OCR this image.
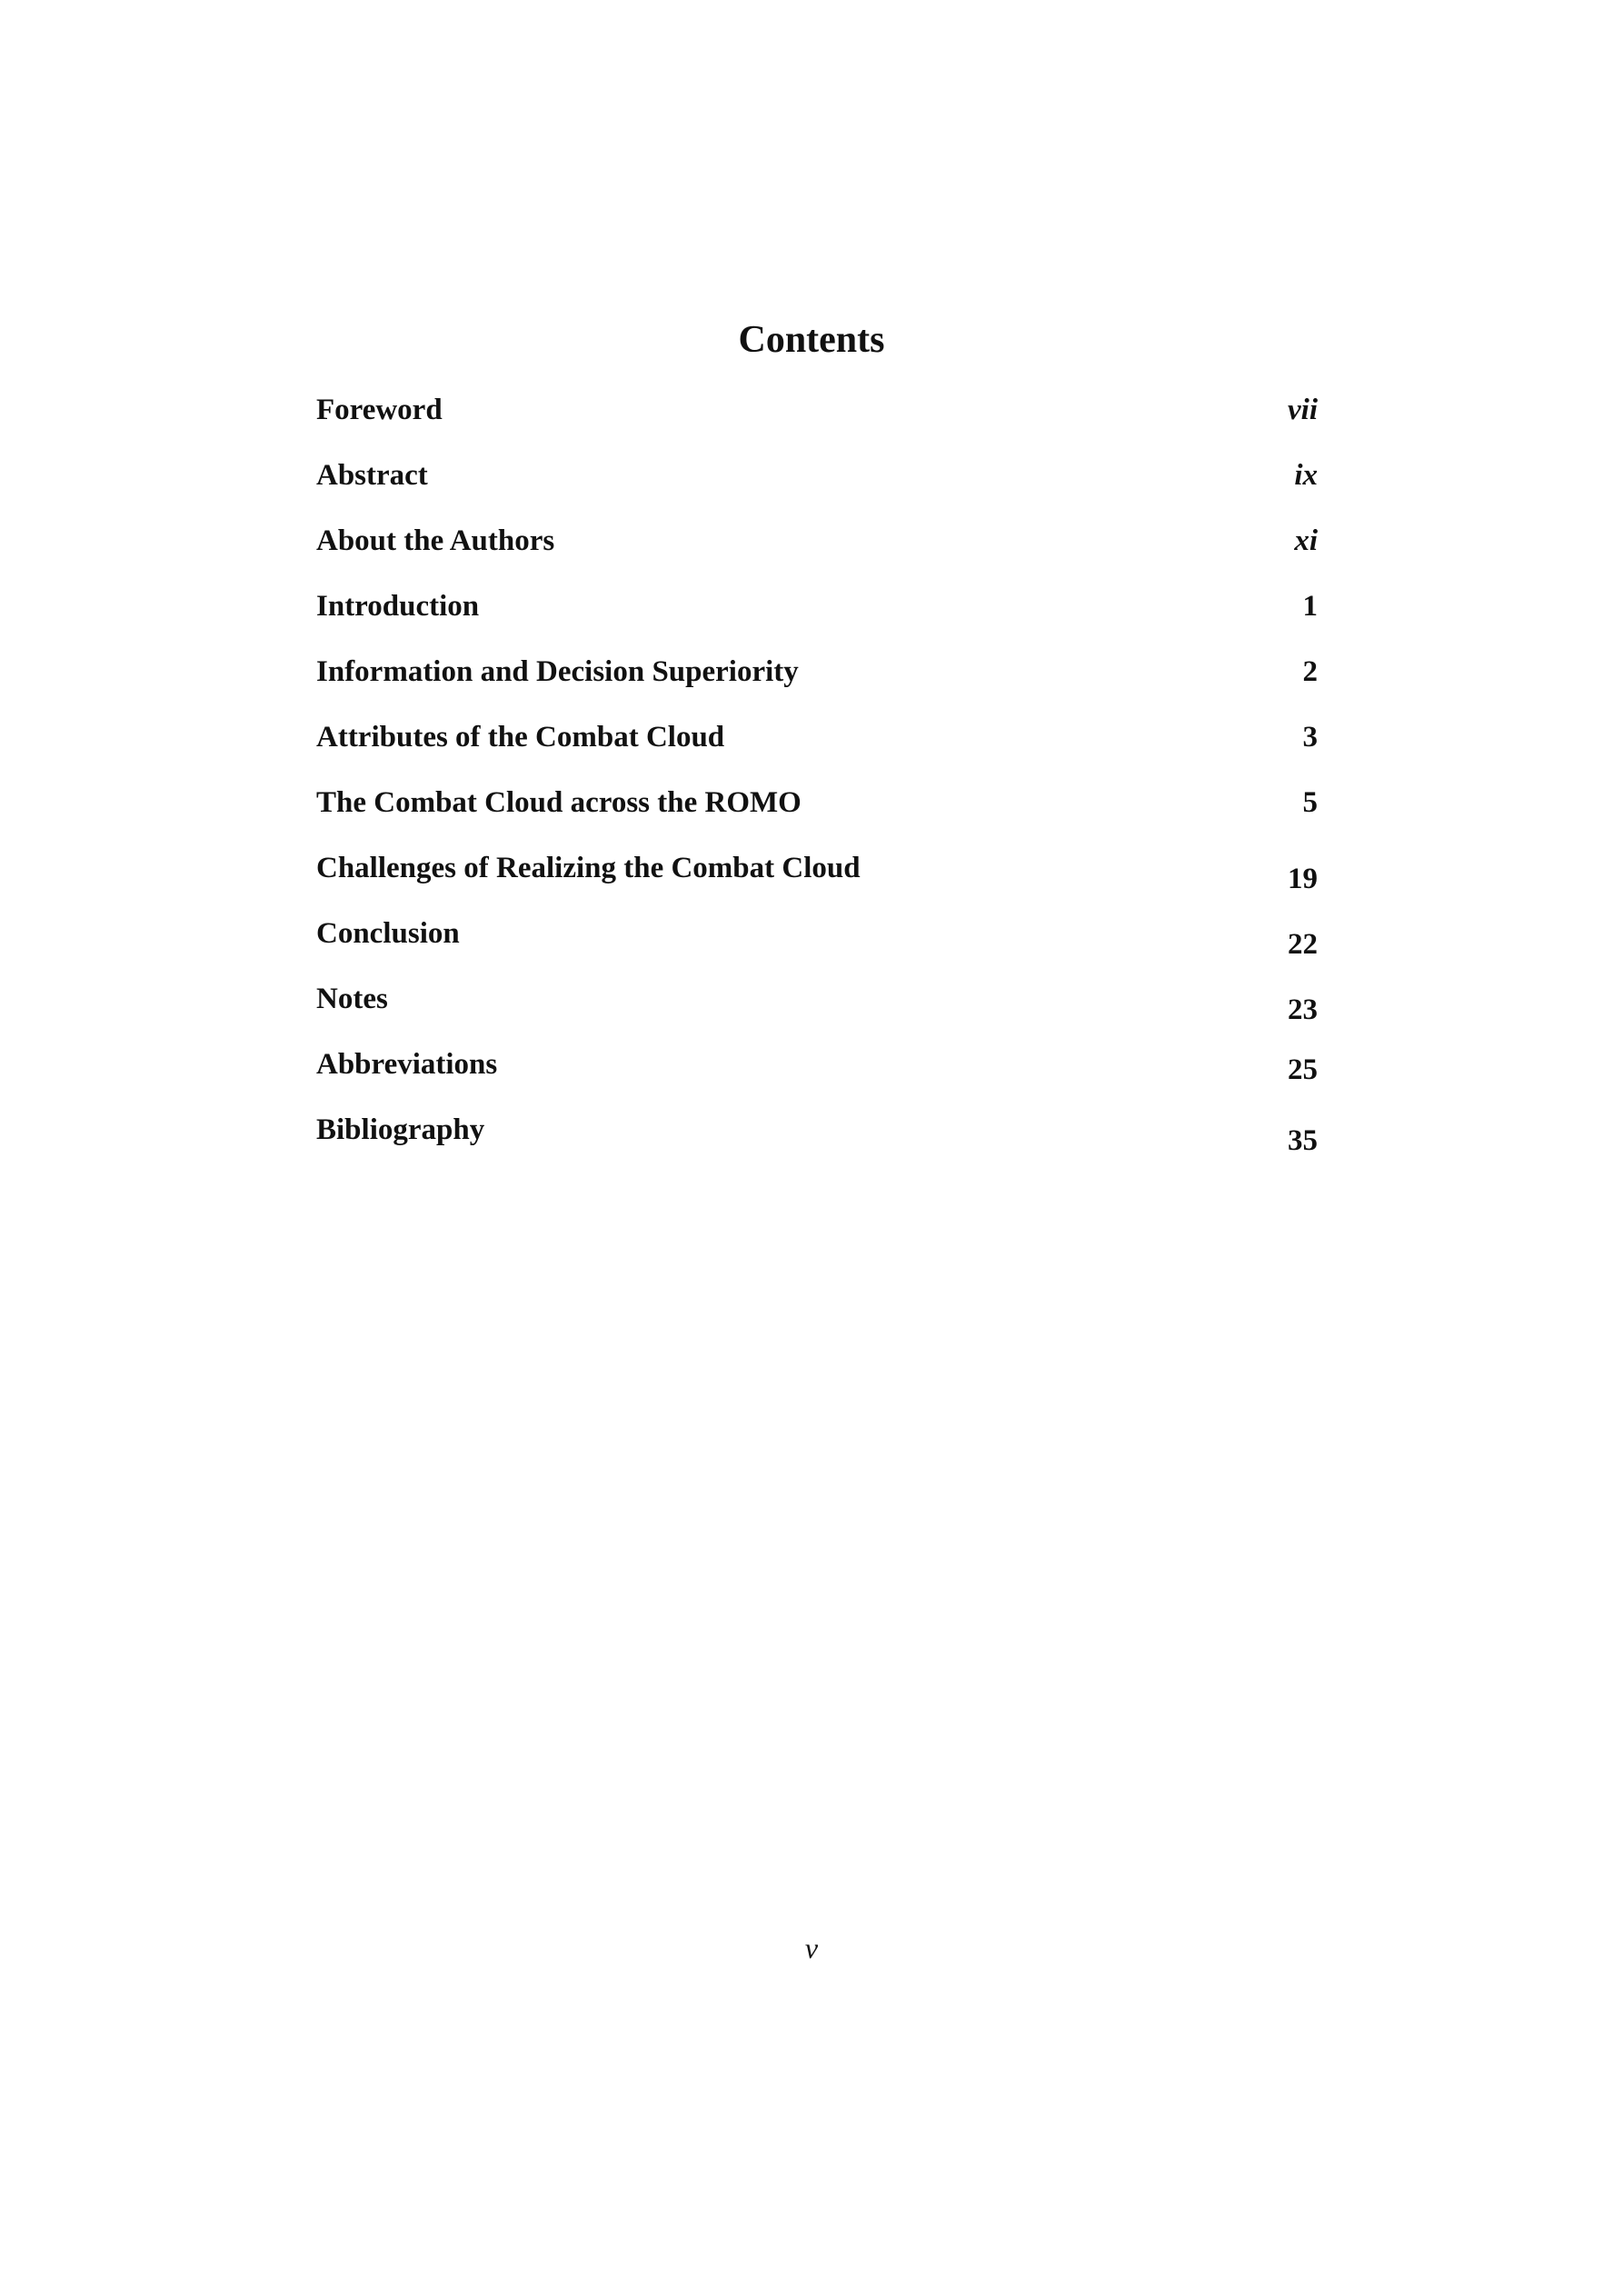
Contents
Foreword	vii
Abstract	ix
About the Authors	xi
Introduction	1
Information and Decision Superiority	2
Attributes of the Combat Cloud	3
The Combat Cloud across the ROMO	5
Challenges of Realizing the Combat Cloud	19
Conclusion	22
Notes	23
Abbreviations	25
Bibliography	35
v
